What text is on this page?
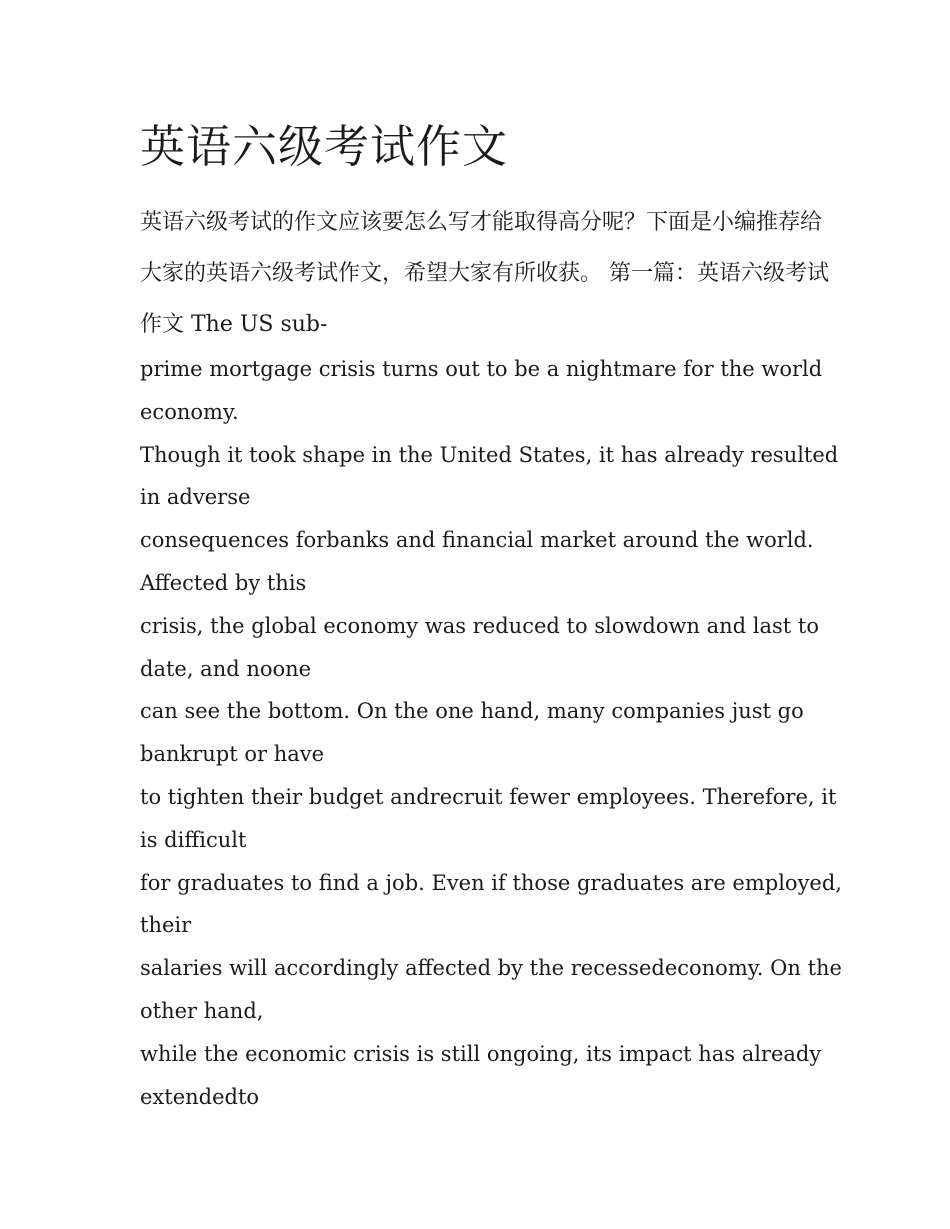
英语六级考试作文

英语六级考试的作文应该要怎么写才能取得高分呢？下面是小编推荐给大家的英语六级考试作文，希望大家有所收获。 第一篇：英语六级考试作文 The US sub-

prime mortgage crisis turns out to be a nightmare for the world
economy.
Though it took shape in the United States, it has already resulted
in adverse
consequences forbanks and financial market around the world.
Affected by this
crisis, the global economy was reduced to slowdown and last to
date, and noone
can see the bottom. On the one hand, many companies just go
bankrupt or have
to tighten their budget andrecruit fewer employees. Therefore, it
is difficult
for graduates to find a job. Even if those graduates are employed,
their
salaries will accordingly affected by the recessedeconomy. On the
other hand,
while the economic crisis is still ongoing, its impact has already
extendedto
